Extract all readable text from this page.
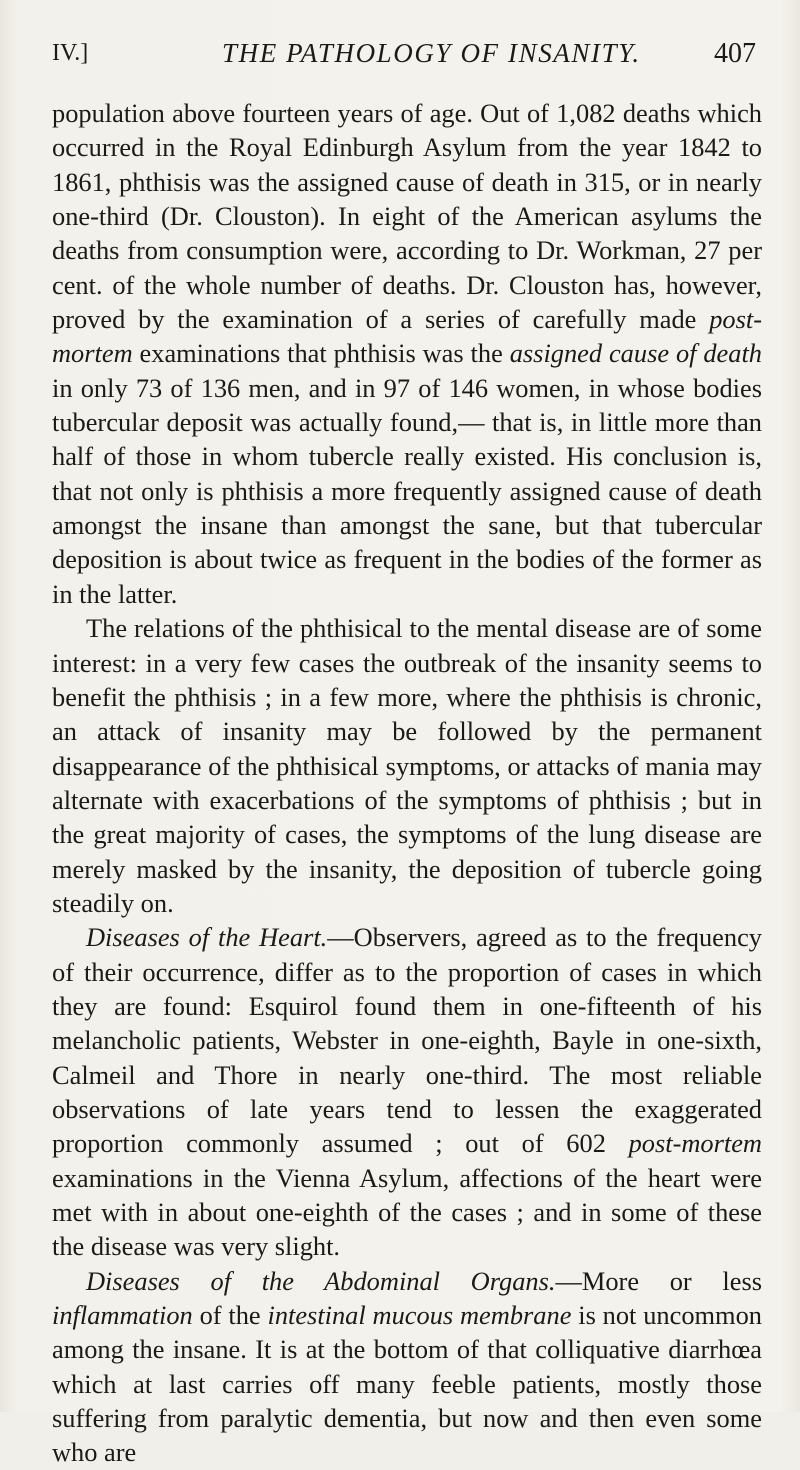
IV.]	THE PATHOLOGY OF INSANITY.	407

population above fourteen years of age. Out of 1,082 deaths which occurred in the Royal Edinburgh Asylum from the year 1842 to 1861, phthisis was the assigned cause of death in 315, or in nearly one-third (Dr. Clouston). In eight of the American asylums the deaths from consumption were, according to Dr. Workman, 27 per cent. of the whole number of deaths. Dr. Clouston has, however, proved by the examination of a series of carefully made post-mortem examinations that phthisis was the assigned cause of death in only 73 of 136 men, and in 97 of 146 women, in whose bodies tubercular deposit was actually found,— that is, in little more than half of those in whom tubercle really existed. His conclusion is, that not only is phthisis a more frequently assigned cause of death amongst the insane than amongst the sane, but that tubercular deposition is about twice as frequent in the bodies of the former as in the latter.

The relations of the phthisical to the mental disease are of some interest: in a very few cases the outbreak of the insanity seems to benefit the phthisis ; in a few more, where the phthisis is chronic, an attack of insanity may be followed by the permanent disappearance of the phthisical symptoms, or attacks of mania may alternate with exacerbations of the symptoms of phthisis ; but in the great majority of cases, the symptoms of the lung disease are merely masked by the insanity, the deposition of tubercle going steadily on.

Diseases of the Heart.—Observers, agreed as to the frequency of their occurrence, differ as to the proportion of cases in which they are found: Esquirol found them in one-fifteenth of his melancholic patients, Webster in one-eighth, Bayle in one-sixth, Calmeil and Thore in nearly one-third. The most reliable observations of late years tend to lessen the exaggerated proportion commonly assumed ; out of 602 post-mortem examinations in the Vienna Asylum, affections of the heart were met with in about one-eighth of the cases ; and in some of these the disease was very slight.

Diseases of the Abdominal Organs.—More or less inflammation of the intestinal mucous membrane is not uncommon among the insane. It is at the bottom of that colliquative diarrhœa which at last carries off many feeble patients, mostly those suffering from paralytic dementia, but now and then even some who are
